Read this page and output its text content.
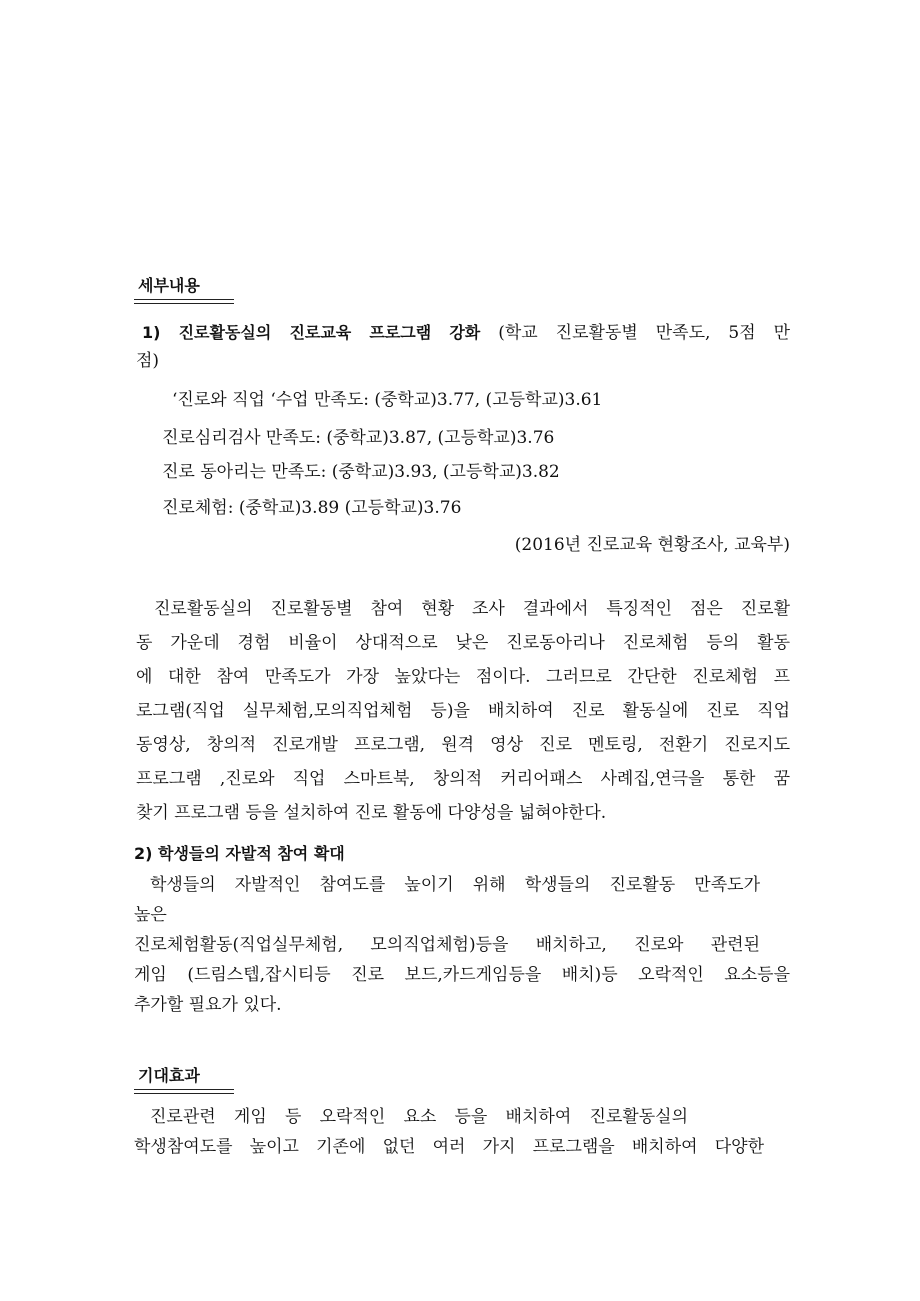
세부내용
1) 진로활동실의 진로교육 프로그램 강화 (학교 진로활동별 만족도, 5점 만
점)
‘진로와 직업 ‘수업 만족도: (중학교)3.77, (고등학교)3.61
진로심리검사 만족도: (중학교)3.87, (고등학교)3.76
진로 동아리는 만족도: (중학교)3.93, (고등학교)3.82
진로체험: (중학교)3.89 (고등학교)3.76
(2016년 진로교육 현황조사, 교육부)
진로활동실의 진로활동별 참여 현황 조사 결과에서 특징적인 점은 진로활
동 가운데 경험 비율이 상대적으로 낮은 진로동아리나 진로체험 등의 활동
에 대한 참여 만족도가 가장 높았다는 점이다. 그러므로 간단한 진로체험 프
로그램(직업 실무체험,모의직업체험 등)을 배치하여 진로 활동실에 진로 직업
동영상, 창의적 진로개발 프로그램, 원격 영상 진로 멘토링, 전환기 진로지도
프로그램 ,진로와 직업 스마트북, 창의적 커리어패스 사례집,연극을 통한 꿈
찾기 프로그램 등을 설치하여 진로 활동에 다양성을 넓혀야한다.
2) 학생들의 자발적 참여 확대
학생들의 자발적인 참여도를 높이기 위해 학생들의 진로활동 만족도가
높은
진로체험활동(직업실무체험, 모의직업체험)등을 배치하고, 진로와 관련된
게임 (드림스텝,잡시티등 진로 보드,카드게임등을 배치)등 오락적인 요소등을
추가할 필요가 있다.
기대효과
진로관련 게임 등 오락적인 요소 등을 배치하여 진로활동실의
학생참여도를 높이고 기존에 없던 여러 가지 프로그램을 배치하여 다양한
